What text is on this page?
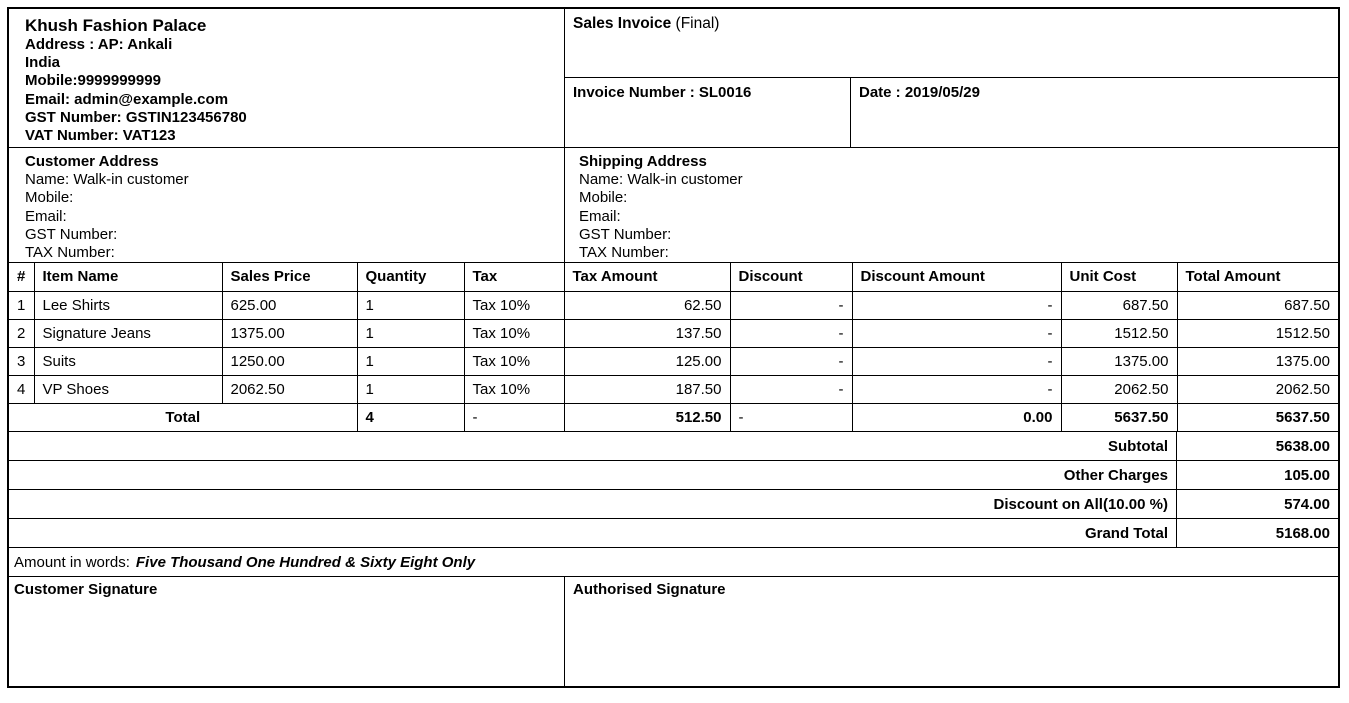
Khush Fashion Palace
Address : AP: Ankali
India
Mobile:9999999999
Email: admin@example.com
GST Number: GSTIN123456780
VAT Number: VAT123
Sales Invoice (Final)
Invoice Number : SL0016	Date : 2019/05/29
Customer Address
Name: Walk-in customer
Mobile:
Email:
GST Number:
TAX Number:
Shipping Address
Name: Walk-in customer
Mobile:
Email:
GST Number:
TAX Number:
#	Item Name	Sales Price	Quantity	Tax	Tax Amount	Discount	Discount Amount	Unit Cost	Total Amount
1	Lee Shirts	625.00	1	Tax 10%	62.50	-	-	687.50	687.50
2	Signature Jeans	1375.00	1	Tax 10%	137.50	-	-	1512.50	1512.50
3	Suits	1250.00	1	Tax 10%	125.00	-	-	1375.00	1375.00
4	VP Shoes	2062.50	1	Tax 10%	187.50	-	-	2062.50	2062.50
Total			4	-	512.50	-	0.00	5637.50	5637.50
Subtotal	5638.00
Other Charges	105.00
Discount on All(10.00 %)	574.00
Grand Total	5168.00
Amount in words: Five Thousand One Hundred & Sixty Eight Only
Customer Signature	Authorised Signature
